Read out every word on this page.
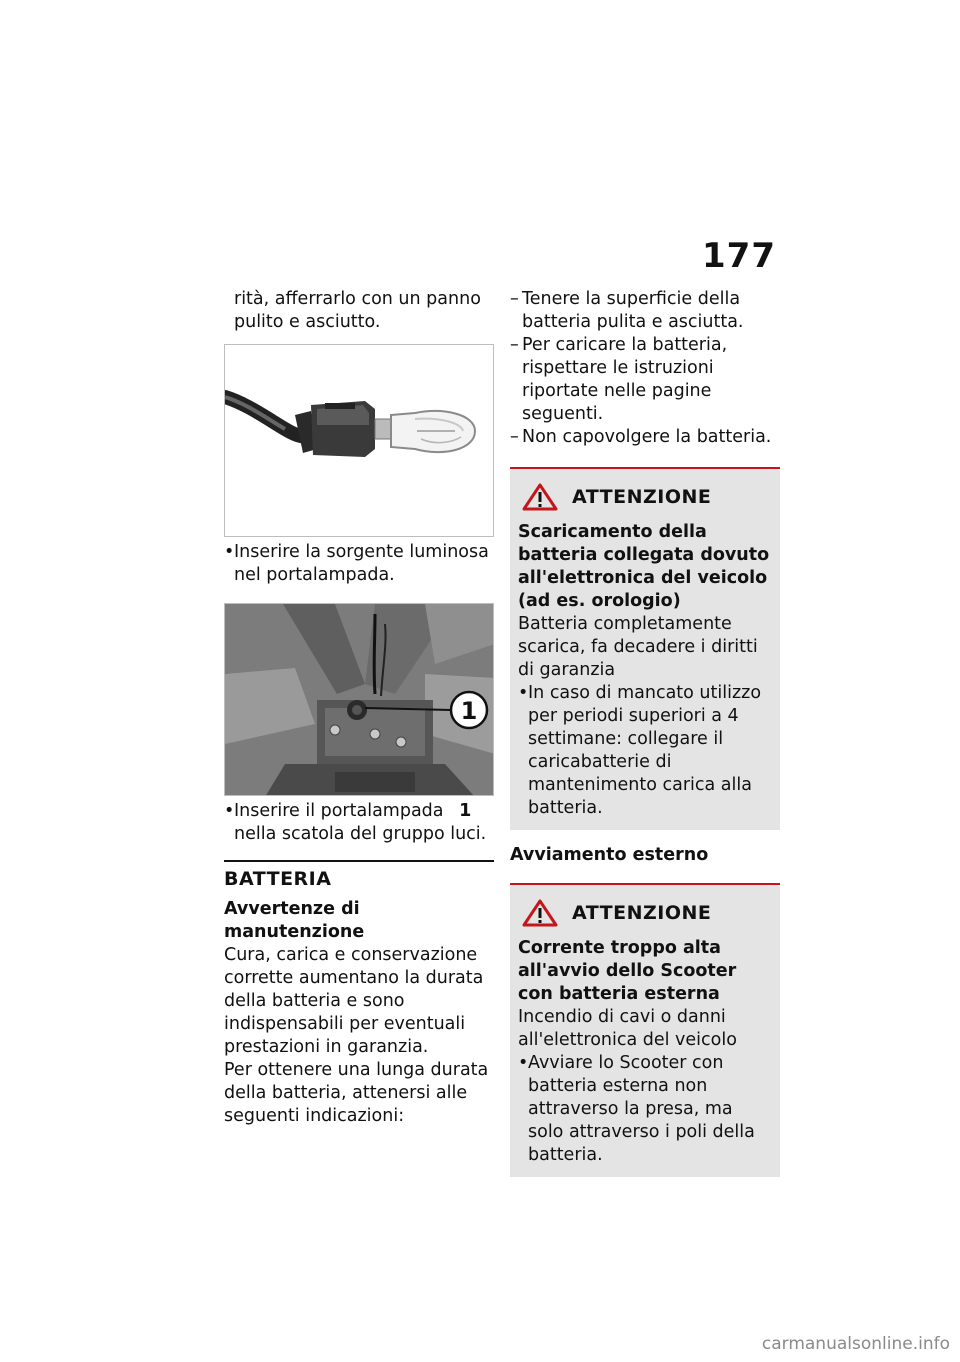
177
rità, afferrarlo con un panno pulito e asciutto.
• Inserire la sorgente luminosa nel portalampada.
1
• Inserire il portalampada 1
nella scatola del gruppo luci.
BATTERIA
Avvertenze di manutenzione
Cura, carica e conservazione corrette aumentano la durata della batteria e sono indispensabili per eventuali prestazioni in garanzia.
Per ottenere una lunga durata della batteria, attenersi alle seguenti indicazioni:
– Tenere la superficie della batteria pulita e asciutta.
– Per caricare la batteria, rispettare le istruzioni riportate nelle pagine seguenti.
– Non capovolgere la batteria.
ATTENZIONE
Scaricamento della batteria collegata dovuto all'elettronica del veicolo (ad es. orologio)
Batteria completamente scarica, fa decadere i diritti di garanzia
• In caso di mancato utilizzo per periodi superiori a 4 settimane: collegare il caricabatterie di mantenimento carica alla batteria.
Avviamento esterno
ATTENZIONE
Corrente troppo alta all'avvio dello Scooter con batteria esterna
Incendio di cavi o danni all'elettronica del veicolo
• Avviare lo Scooter con batteria esterna non attraverso la presa, ma solo attraverso i poli della batteria.
carmanualsonline.info
